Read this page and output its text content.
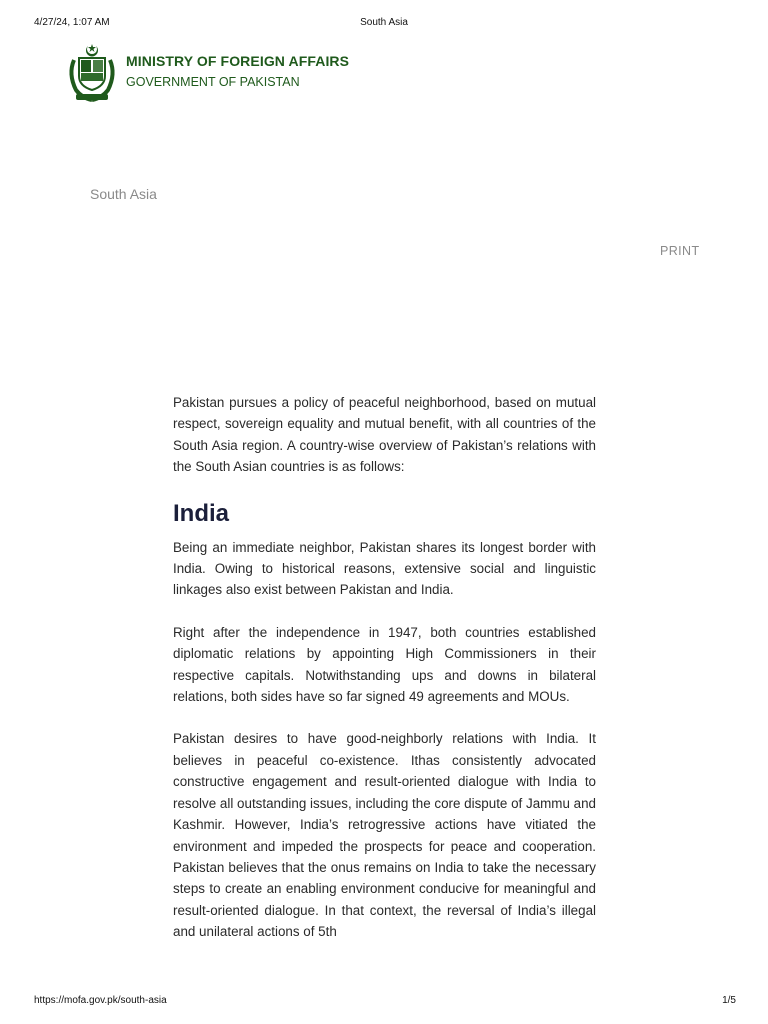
4/27/24, 1:07 AM	South Asia
MINISTRY OF FOREIGN AFFAIRS
GOVERNMENT OF PAKISTAN
South Asia
PRINT

Pakistan pursues a policy of peaceful neighborhood, based on mutual respect, sovereign equality and mutual benefit, with all countries of the South Asia region. A country-wise overview of Pakistan’s relations with the South Asian countries is as follows:

India

Being an immediate neighbor, Pakistan shares its longest border with India. Owing to historical reasons, extensive social and linguistic linkages also exist between Pakistan and India.

Right after the independence in 1947, both countries established diplomatic relations by appointing High Commissioners in their respective capitals. Notwithstanding ups and downs in bilateral relations, both sides have so far signed 49 agreements and MOUs.

Pakistan desires to have good-neighborly relations with India. It believes in peaceful co-existence. Ithas consistently advocated constructive engagement and result-oriented dialogue with India to resolve all outstanding issues, including the core dispute of Jammu and Kashmir. However, India’s retrogressive actions have vitiated the environment and impeded the prospects for peace and cooperation. Pakistan believes that the onus remains on India to take the necessary steps to create an enabling environment conducive for meaningful and result-oriented dialogue. In that context, the reversal of India’s illegal and unilateral actions of 5th

https://mofa.gov.pk/south-asia	1/5
